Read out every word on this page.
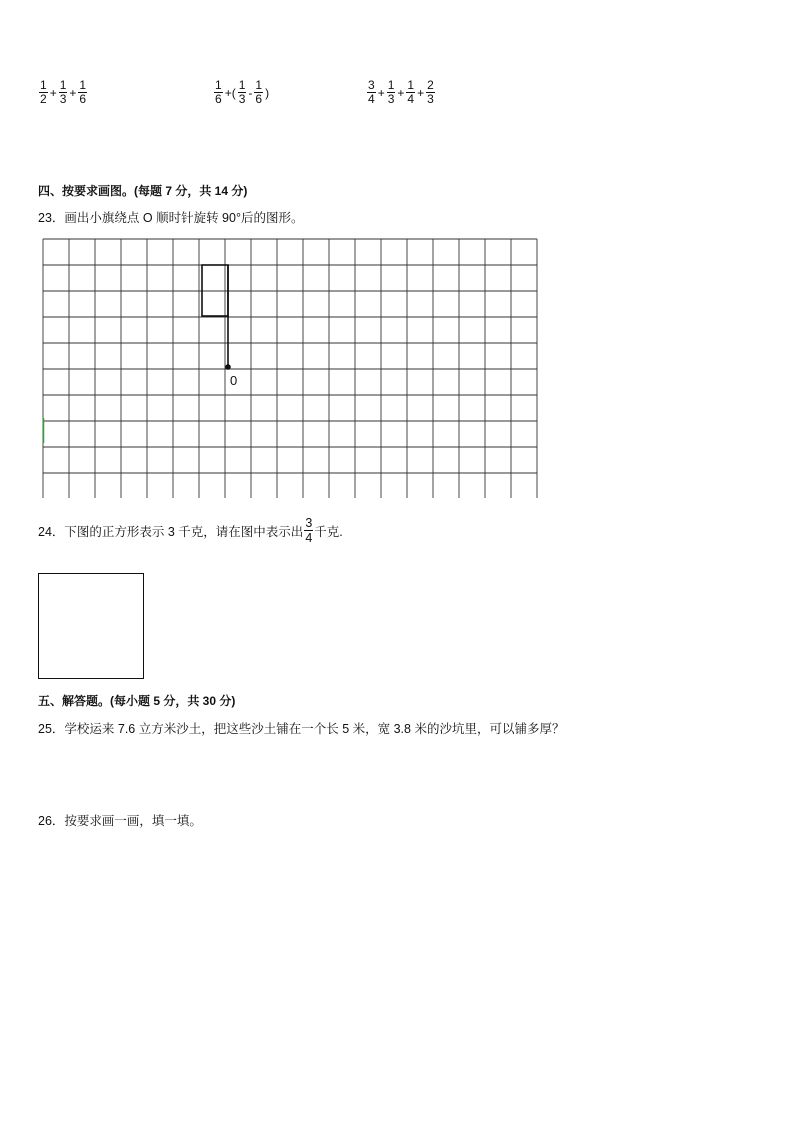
$\frac{1}{2} + \frac{1}{3} + \frac{1}{6}$	$\frac{1}{6}$ +( $\frac{1}{3} - \frac{1}{6}$ )	$\frac{3}{4} + \frac{1}{3} + \frac{1}{4} + \frac{2}{3}$
四、按要求画图。(每题 7 分，共 14 分)
23．画出小旗绕点 O 顺时针旋转 90°后的图形。
0
24．下图的正方形表示 3 千克，请在图中表示出 $\frac{3}{4}$ 千克.
五、解答题。(每小题 5 分，共 30 分)
25．学校运来 7.6 立方米沙土，把这些沙土铺在一个长 5 米，宽 3.8 米的沙坑里，可以铺多厚？
26．按要求画一画，填一填。
